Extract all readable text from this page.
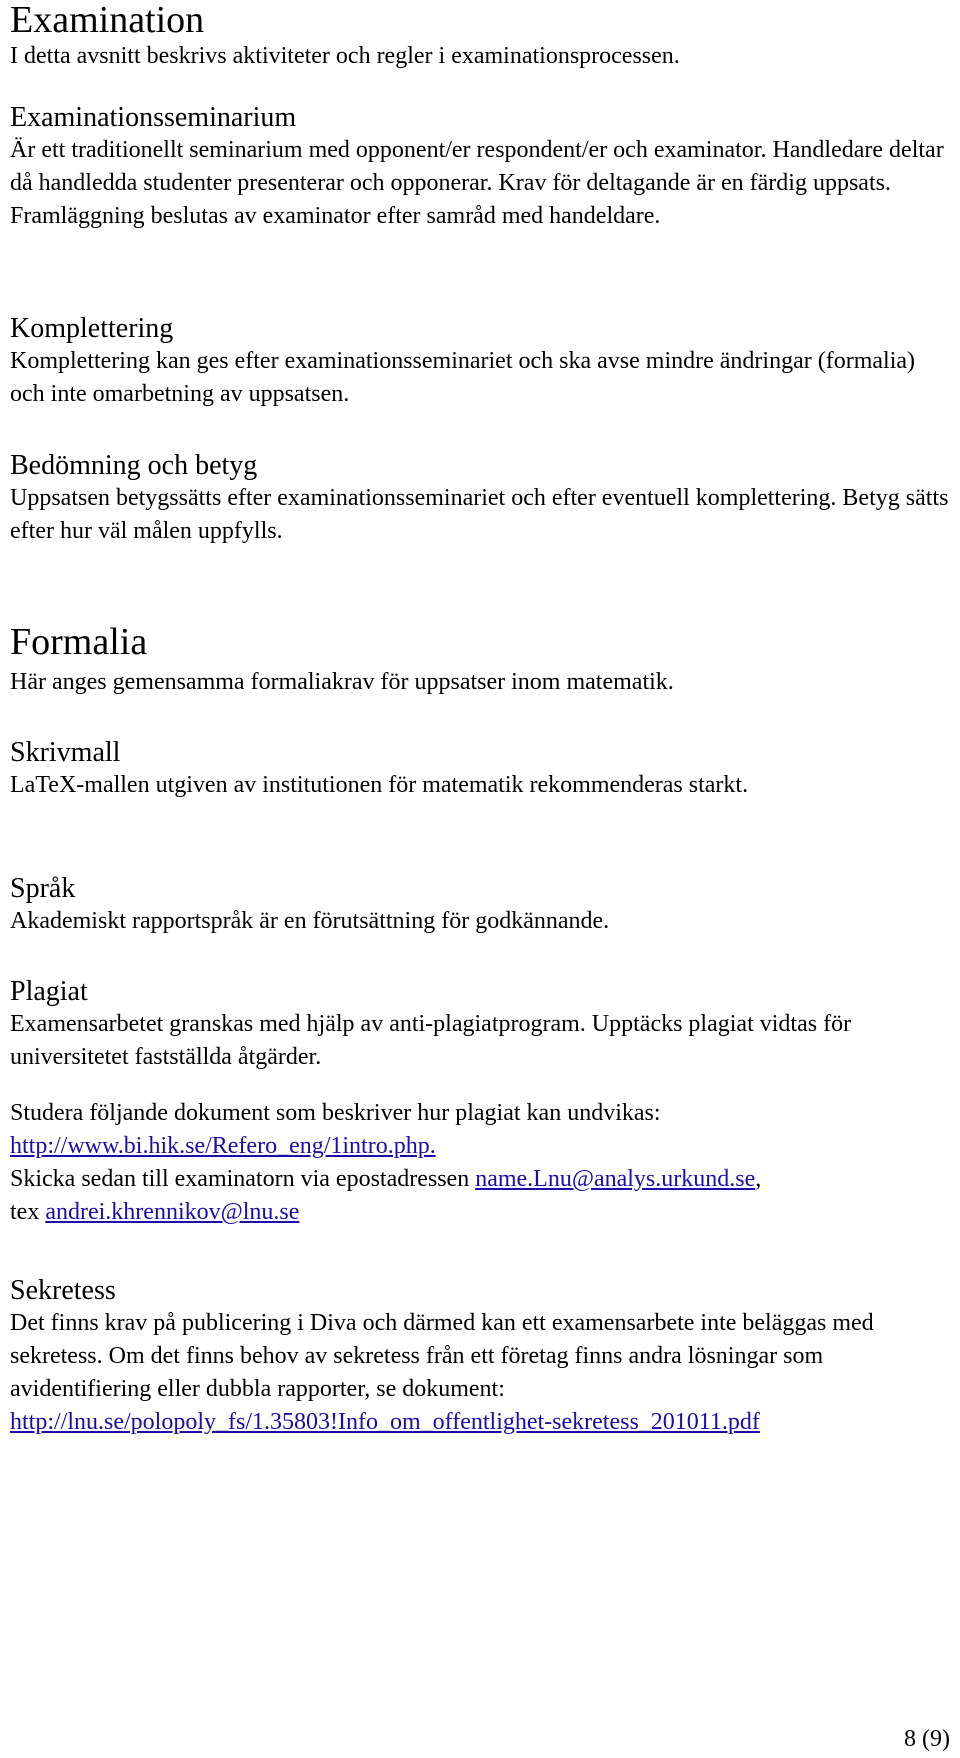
Examination
I detta avsnitt beskrivs aktiviteter och regler i examinationsprocessen.
Examinationsseminarium
Är ett traditionellt seminarium med opponent/er respondent/er och examinator. Handledare deltar då handledda studenter presenterar och opponerar. Krav för deltagande är en färdig uppsats. Framläggning beslutas av examinator efter samråd med handeldare.
Komplettering
Komplettering kan ges efter examinationsseminariet och ska avse mindre ändringar (formalia) och inte omarbetning av uppsatsen.
Bedömning och betyg
Uppsatsen betygssätts efter examinationsseminariet och efter eventuell komplettering. Betyg sätts efter hur väl målen uppfylls.
Formalia
Här anges gemensamma formaliakrav för uppsatser inom matematik.
Skrivmall
LaTeX-mallen utgiven av institutionen för matematik rekommenderas starkt.
Språk
Akademiskt rapportspråk är en förutsättning för godkännande.
Plagiat
Examensarbetet granskas med hjälp av anti-plagiatprogram. Upptäcks plagiat vidtas för universitetet fastställda åtgärder.
Studera följande dokument som beskriver hur plagiat kan undvikas:
http://www.bi.hik.se/Refero_eng/1intro.php.
Skicka sedan till examinatorn via epostadressen name.Lnu@analys.urkund.se,
tex andrei.khrennikov@lnu.se
Sekretess
Det finns krav på publicering i Diva och därmed kan ett examensarbete inte beläggas med sekretess. Om det finns behov av sekretess från ett företag finns andra lösningar som avidentifiering eller dubbla rapporter, se dokument:
http://lnu.se/polopoly_fs/1.35803!Info_om_offentlighet-sekretess_201011.pdf
8 (9)
